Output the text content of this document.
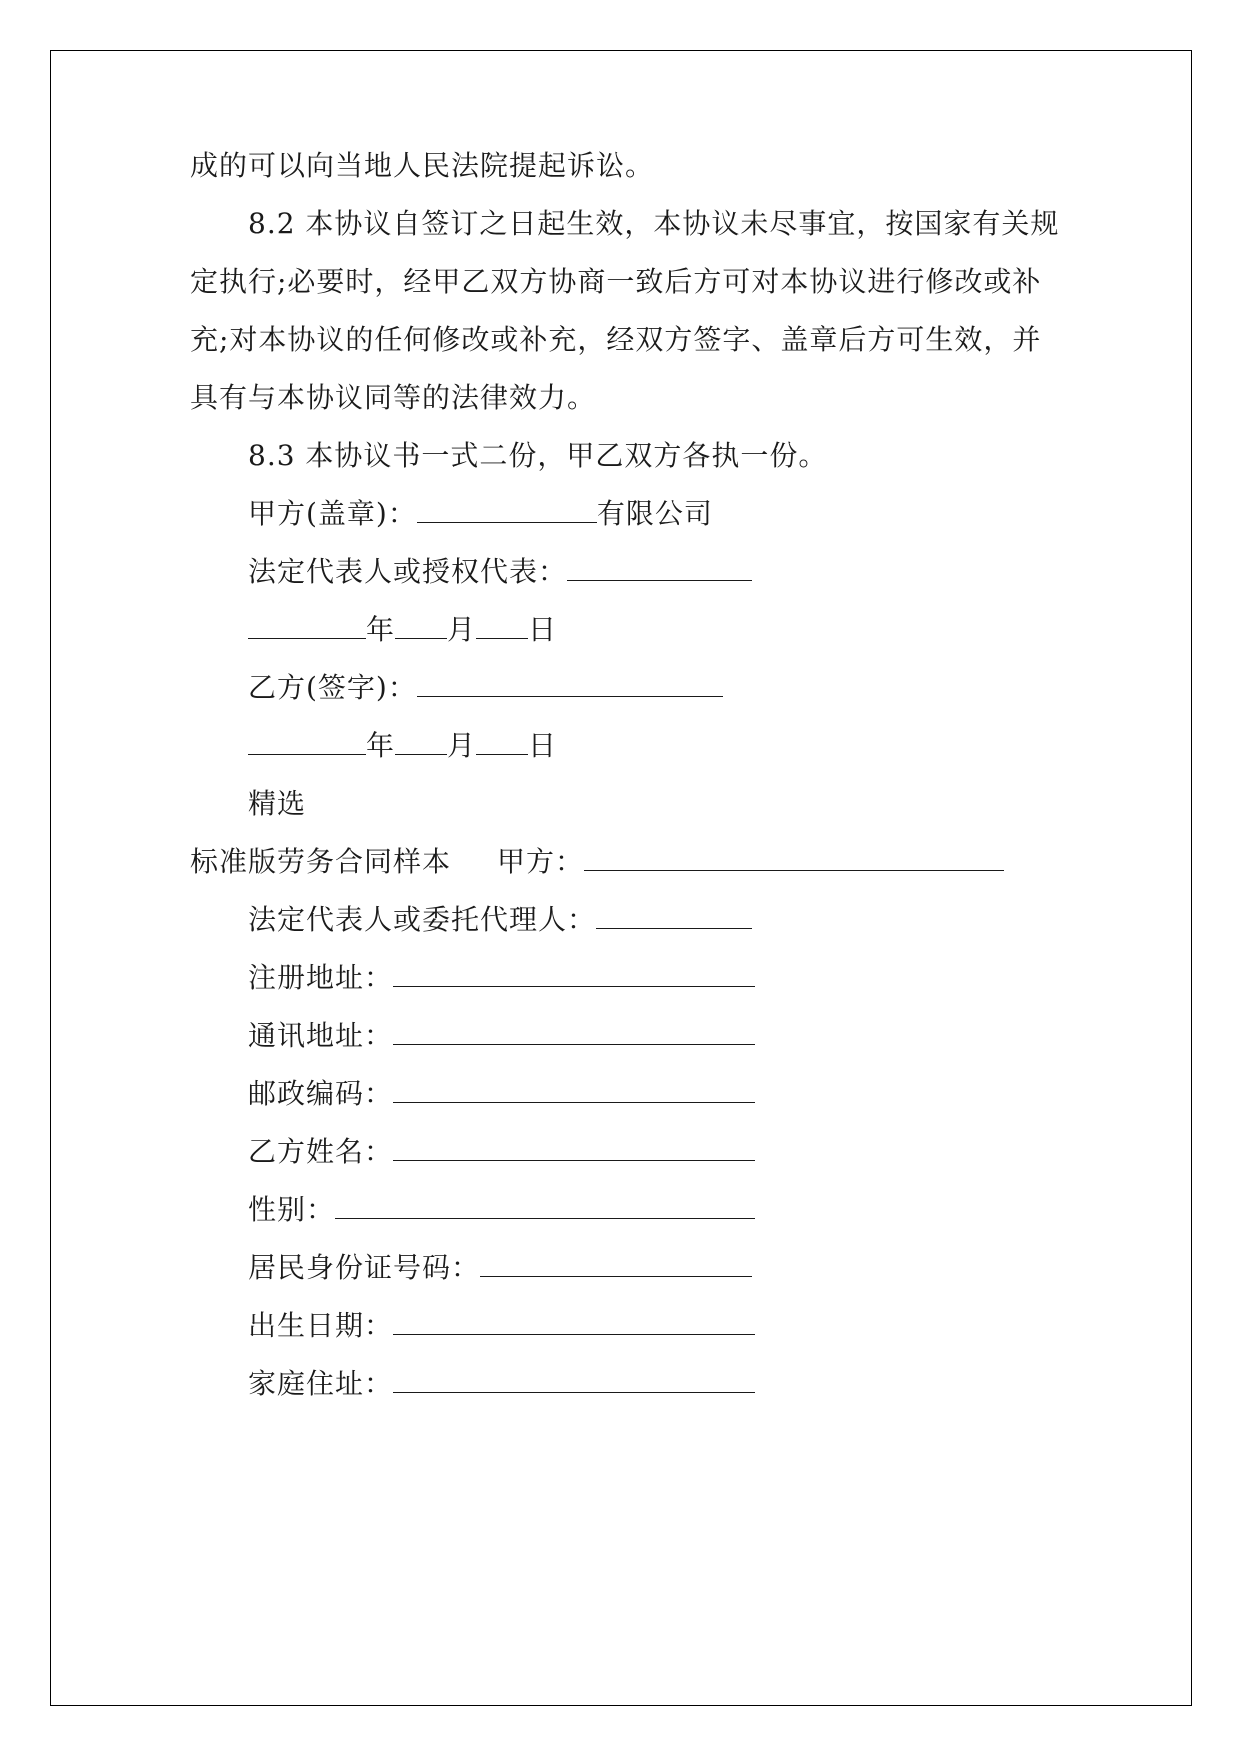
成的可以向当地人民法院提起诉讼。
8.2 本协议自签订之日起生效，本协议未尽事宜，按国家有关规
定执行;必要时，经甲乙双方协商一致后方可对本协议进行修改或补
充;对本协议的任何修改或补充，经双方签字、盖章后方可生效，并
具有与本协议同等的法律效力。
8.3 本协议书一式二份，甲乙双方各执一份。
甲方(盖章)：	有限公司
法定代表人或授权代表：
年 月 日
乙方(签字)：
年 月 日
精选
标准版劳务合同样本 甲方：
法定代表人或委托代理人：
注册地址：
通讯地址：
邮政编码：
乙方姓名：
性别：
居民身份证号码：
出生日期：
家庭住址：
